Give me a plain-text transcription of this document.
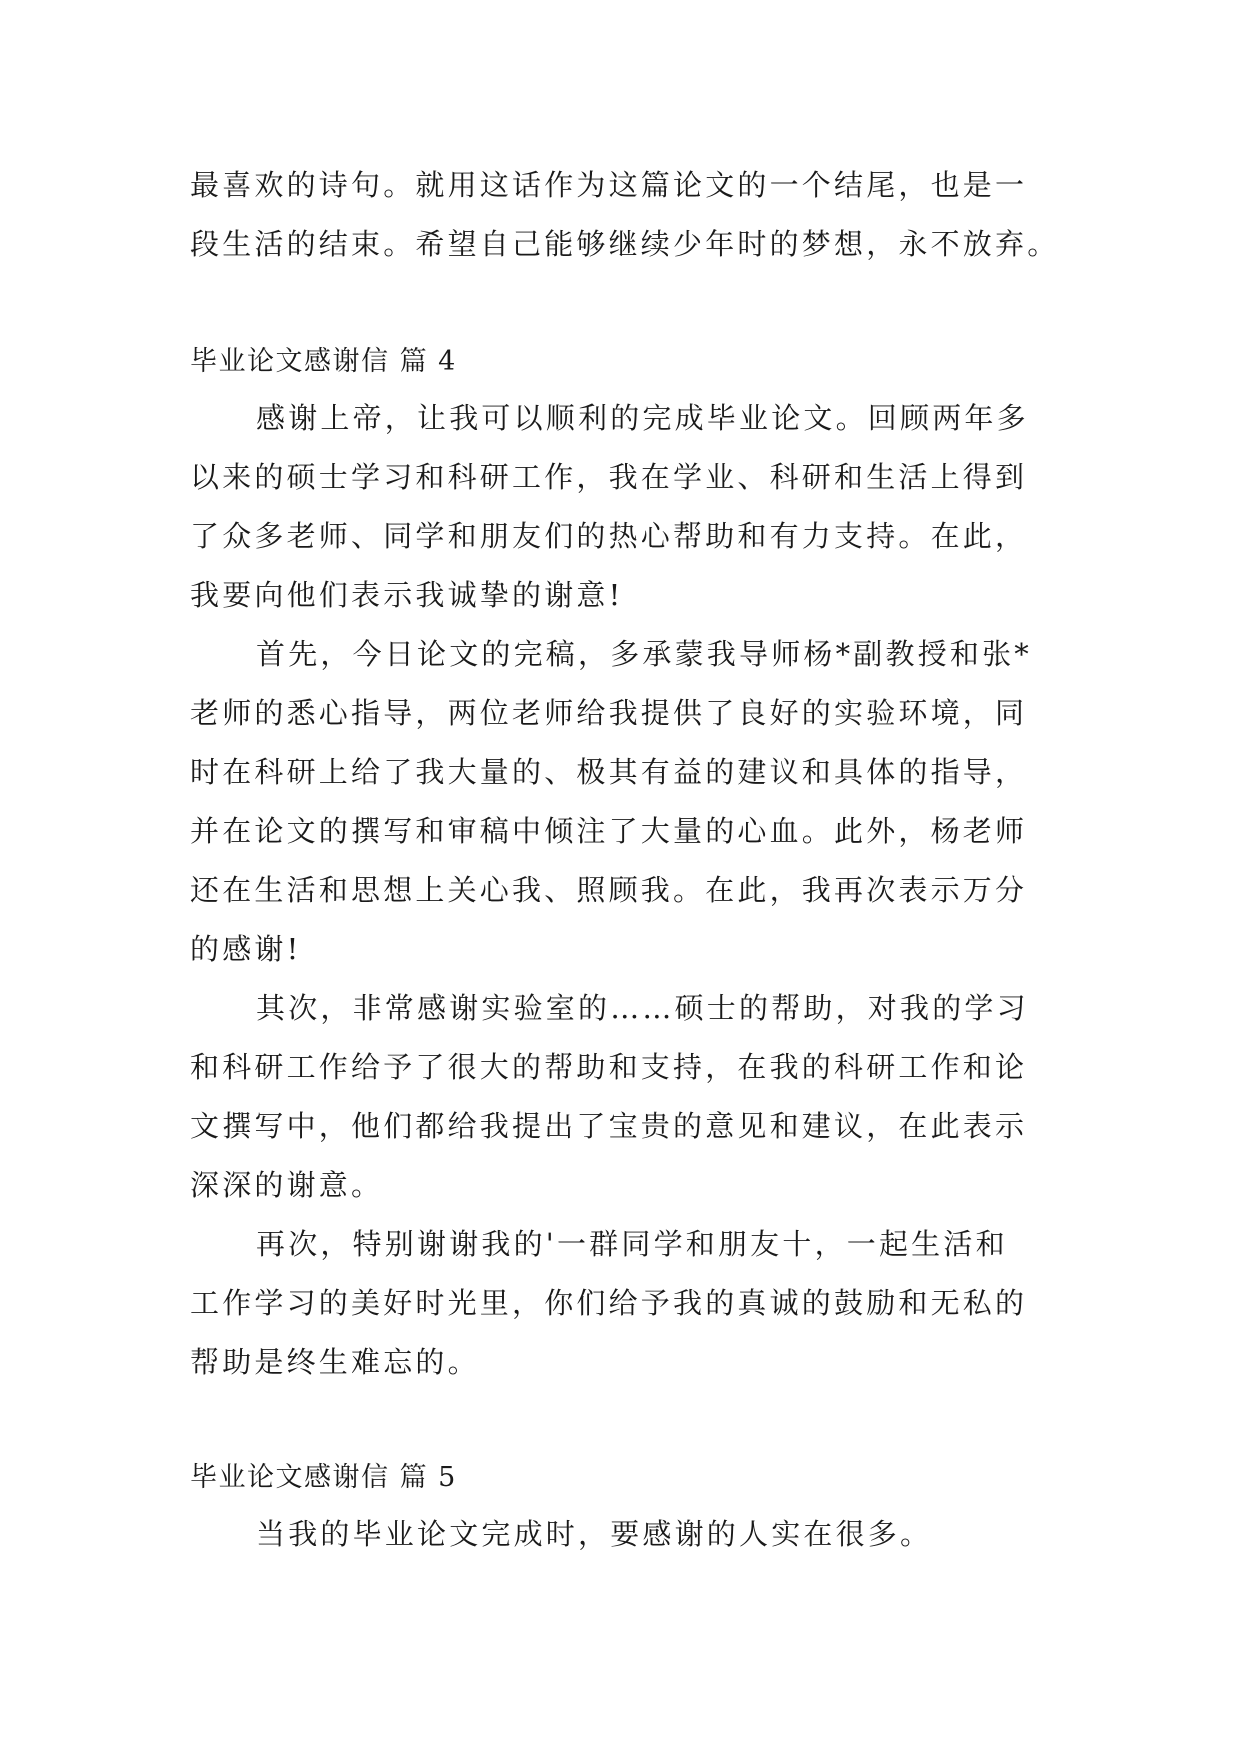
最喜欢的诗句。就用这话作为这篇论文的一个结尾，也是一
段生活的结束。希望自己能够继续少年时的梦想，永不放弃。
毕业论文感谢信 篇 4
感谢上帝，让我可以顺利的完成毕业论文。回顾两年多
以来的硕士学习和科研工作，我在学业、科研和生活上得到
了众多老师、同学和朋友们的热心帮助和有力支持。在此，
我要向他们表示我诚挚的谢意!
首先，今日论文的完稿，多承蒙我导师杨*副教授和张*
老师的悉心指导，两位老师给我提供了良好的实验环境，同
时在科研上给了我大量的、极其有益的建议和具体的指导，
并在论文的撰写和审稿中倾注了大量的心血。此外，杨老师
还在生活和思想上关心我、照顾我。在此，我再次表示万分
的感谢!
其次，非常感谢实验室的……硕士的帮助，对我的学习
和科研工作给予了很大的帮助和支持，在我的科研工作和论
文撰写中，他们都给我提出了宝贵的意见和建议，在此表示
深深的谢意。
再次，特别谢谢我的'一群同学和朋友十，一起生活和
工作学习的美好时光里，你们给予我的真诚的鼓励和无私的
帮助是终生难忘的。
毕业论文感谢信 篇 5
当我的毕业论文完成时，要感谢的人实在很多。
